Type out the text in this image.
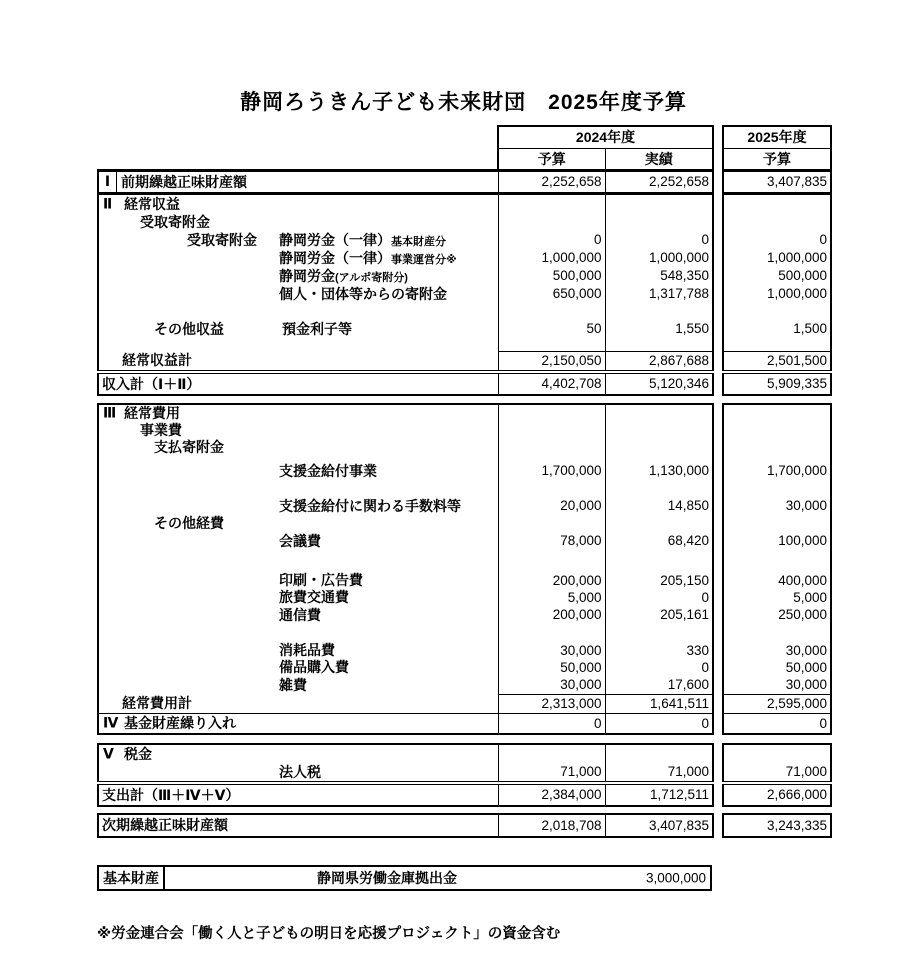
静岡ろうきん子ども未来財団　2025年度予算
	2024年度			2025年度
	予算	実績		予算

Ⅰ 前期繰越正味財産額	2,252,658	2,252,658		3,407,835

Ⅱ 経常収益				

受取寄附金				

受取寄附金 静岡労金（一律）基本財産分	0	0		0

静岡労金（一律）事業運営分※	1,000,000	1,000,000		1,000,000

静岡労金(アルポ寄附分)	500,000	548,350		500,000

個人・団体等からの寄附金	650,000	1,317,788		1,000,000

その他収益 預金利子等	50	1,550		1,500

経常収益計	2,150,050	2,867,688		2,501,500

収入計（Ⅰ＋Ⅱ）	4,402,708	5,120,346		5,909,335

Ⅲ 経常費用				

事業費				

支払寄附金				

支援金給付事業	1,700,000	1,130,000		1,700,000

支援金給付に関わる手数料等	20,000	14,850		30,000

その他経費				

会議費	78,000	68,420		100,000

印刷・広告費	200,000	205,150		400,000

旅費交通費	5,000	0		5,000

通信費	200,000	205,161		250,000

消耗品費	30,000	330		30,000

備品購入費	50,000	0		50,000

雑費	30,000	17,600		30,000

経常費用計	2,313,000	1,641,511		2,595,000

Ⅳ 基金財産繰り入れ	0	0		0

Ⅴ 税金				

法人税	71,000	71,000		71,000

支出計（Ⅲ＋Ⅳ＋Ⅴ）	2,384,000	1,712,511		2,666,000

次期繰越正味財産額	2,018,708	3,407,835		3,243,335
基本財産	静岡県労働金庫拠出金	3,000,000
※労金連合会「働く人と子どもの明日を応援プロジェクト」の資金含む
